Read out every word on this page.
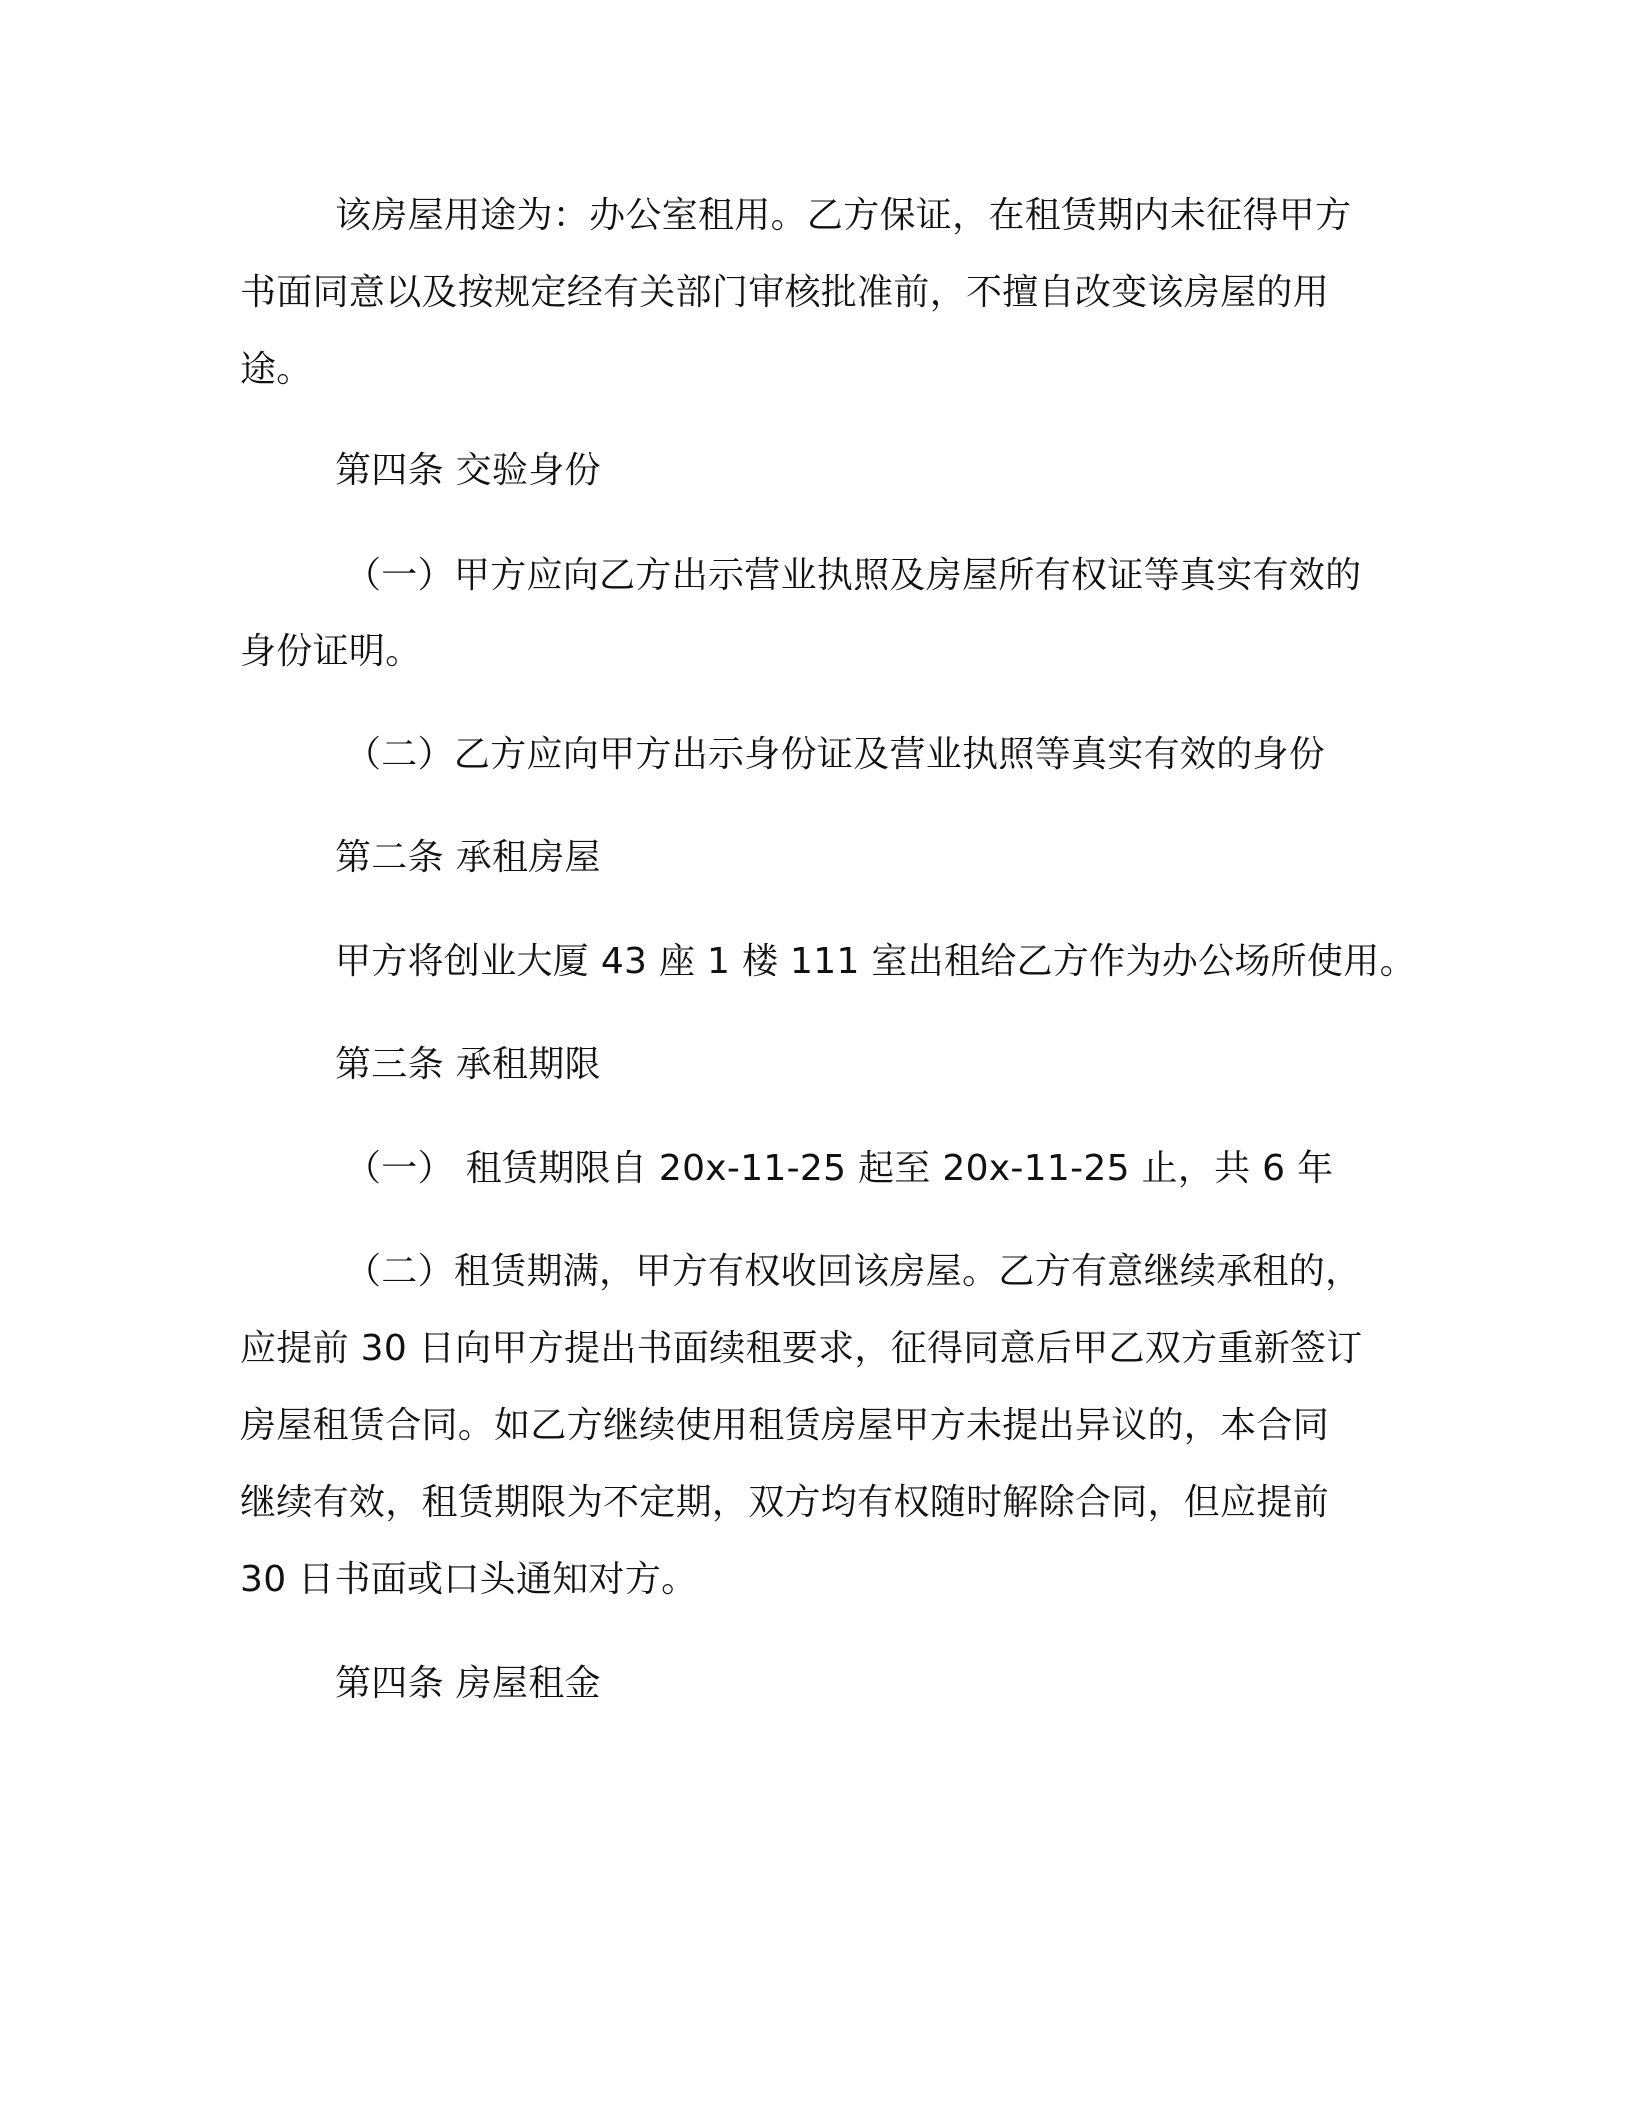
该房屋用途为：办公室租用。乙方保证，在租赁期内未征得甲方
书面同意以及按规定经有关部门审核批准前，不擅自改变该房屋的用
途。
第四条 交验身份
（一）甲方应向乙方出示营业执照及房屋所有权证等真实有效的
身份证明。
（二）乙方应向甲方出示身份证及营业执照等真实有效的身份
第二条 承租房屋
甲方将创业大厦 43 座 1 楼 111 室出租给乙方作为办公场所使用。
第三条 承租期限
（一） 租赁期限自 20x-11-25 起至 20x-11-25 止，共 6 年
（二）租赁期满，甲方有权收回该房屋。乙方有意继续承租的，
应提前 30 日向甲方提出书面续租要求，征得同意后甲乙双方重新签订
房屋租赁合同。如乙方继续使用租赁房屋甲方未提出异议的，本合同
继续有效，租赁期限为不定期，双方均有权随时解除合同，但应提前
30 日书面或口头通知对方。
第四条 房屋租金
